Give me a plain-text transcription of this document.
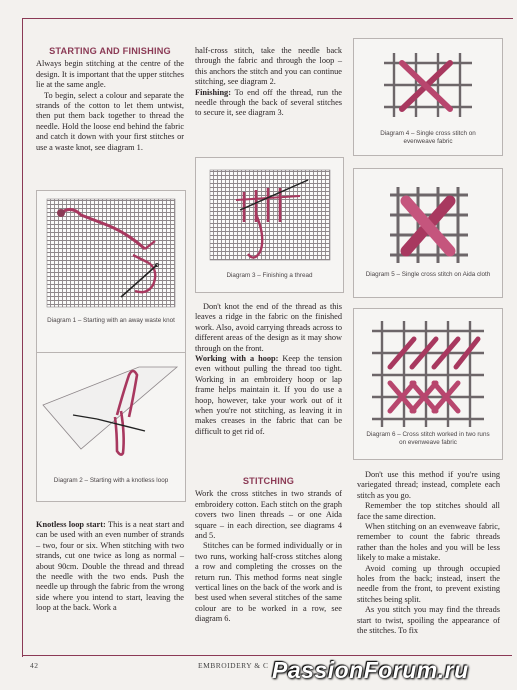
STARTING AND FINISHING

Always begin stitching at the centre of the design. It is important that the upper stitches lie at the same angle.

To begin, select a colour and separate the strands of the cotton to let them untwist, then put them back together to thread the needle. Hold the loose end behind the fabric and catch it down with your first stitches or use a waste knot, see diagram 1.

Diagram 1 – Starting with an away waste knot
Diagram 2 – Starting with a knotless loop

Knotless loop start: This is a neat start and can be used with an even number of strands – two, four or six. When stitching with two strands, cut one twice as long as normal – about 90cm. Double the thread and thread the needle with the two ends. Push the needle up through the fabric from the wrong side where you intend to start, leaving the loop at the back. Work a

half-cross stitch, take the needle back through the fabric and through the loop – this anchors the stitch and you can continue stitching, see diagram 2.

Finishing: To end off the thread, run the needle through the back of several stitches to secure it, see diagram 3.

Diagram 3 – Finishing a thread

Don't knot the end of the thread as this leaves a ridge in the fabric on the finished work. Also, avoid carrying threads across to different areas of the design as it may show through on the front.

Working with a hoop: Keep the tension even without pulling the thread too tight. Working in an embroidery hoop or lap frame helps maintain it. If you do use a hoop, however, take your work out of it when you're not stitching, as leaving it in makes creases in the fabric that can be difficult to get rid of.

STITCHING

Work the cross stitches in two strands of embroidery cotton. Each stitch on the graph covers two linen threads – or one Aida square – in each direction, see diagrams 4 and 5.

Stitches can be formed individually or in two runs, working half-cross stitches along a row and completing the crosses on the return run. This method forms neat single vertical lines on the back of the work and is best used when several stitches of the same colour are to be worked in a row, see diagram 6.

Diagram 4 – Single cross stitch on evenweave fabric
Diagram 5 – Single cross stitch on Aida cloth
Diagram 6 – Cross stitch worked in two runs on evenweave fabric

Don't use this method if you're using variegated thread; instead, complete each stitch as you go.

Remember the top stitches should all face the same direction.

When stitching on an evenweave fabric, remember to count the fabric threads rather than the holes and you will be less likely to make a mistake.

Avoid coming up through occupied holes from the back; instead, insert the needle from the front, to prevent existing stitches being split.

As you stitch you may find the threads start to twist, spoiling the appearance of the stitches. To fix

42	EMBROIDERY & C PassionForum.ru
